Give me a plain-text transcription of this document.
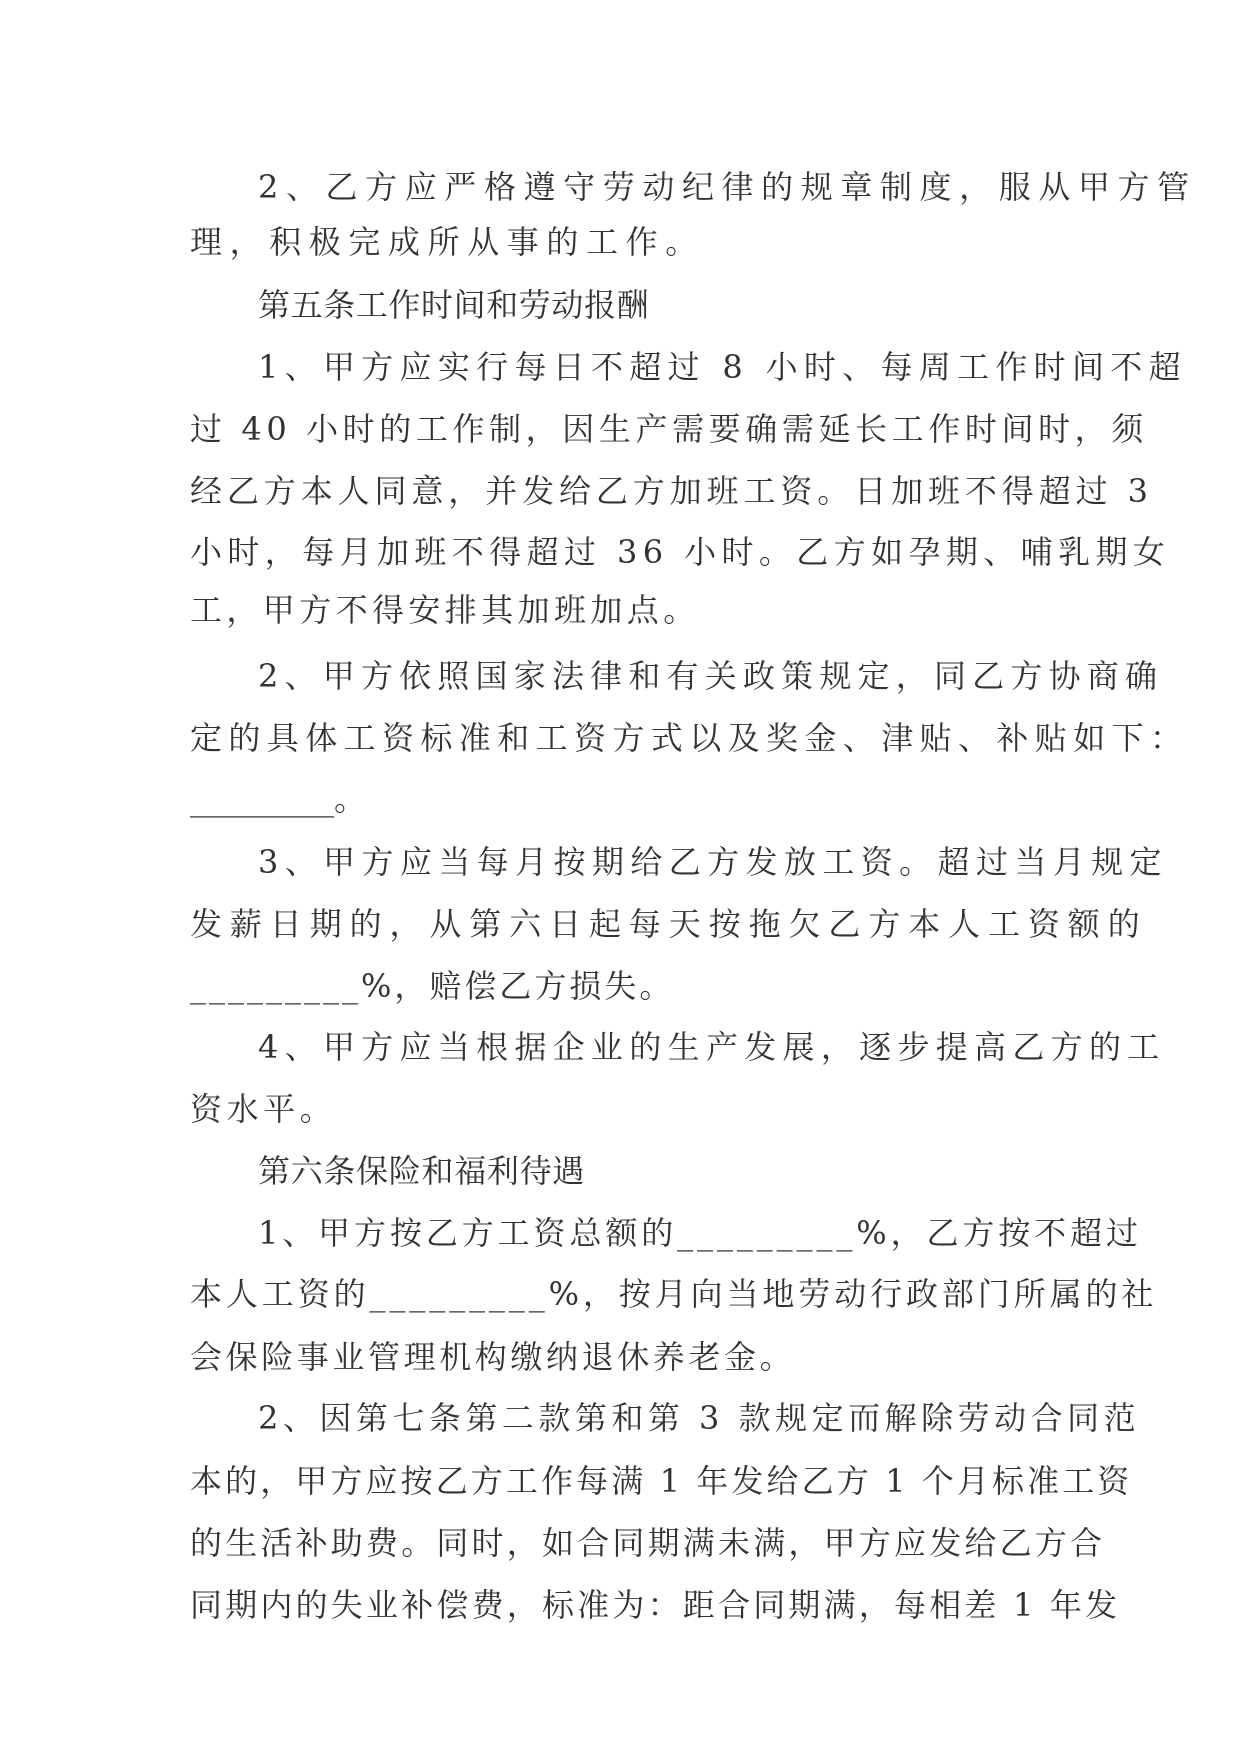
2、乙方应严格遵守劳动纪律的规章制度，服从甲方管
理，积极完成所从事的工作。
第五条工作时间和劳动报酬
1、甲方应实行每日不超过 8 小时、每周工作时间不超
过 40 小时的工作制，因生产需要确需延长工作时间时，须
经乙方本人同意，并发给乙方加班工资。日加班不得超过 3
小时，每月加班不得超过 36 小时。乙方如孕期、哺乳期女
工，甲方不得安排其加班加点。
2、甲方依照国家法律和有关政策规定，同乙方协商确
定的具体工资标准和工资方式以及奖金、津贴、补贴如下：
_________。
3、甲方应当每月按期给乙方发放工资。超过当月规定
发薪日期的，从第六日起每天按拖欠乙方本人工资额的
_________%，赔偿乙方损失。
4、甲方应当根据企业的生产发展，逐步提高乙方的工
资水平。
第六条保险和福利待遇
1、甲方按乙方工资总额的_________%，乙方按不超过
本人工资的_________%，按月向当地劳动行政部门所属的社
会保险事业管理机构缴纳退休养老金。
2、因第七条第二款第和第 3 款规定而解除劳动合同范
本的，甲方应按乙方工作每满 1 年发给乙方 1 个月标准工资
的生活补助费。同时，如合同期满未满，甲方应发给乙方合
同期内的失业补偿费，标准为：距合同期满，每相差 1 年发
